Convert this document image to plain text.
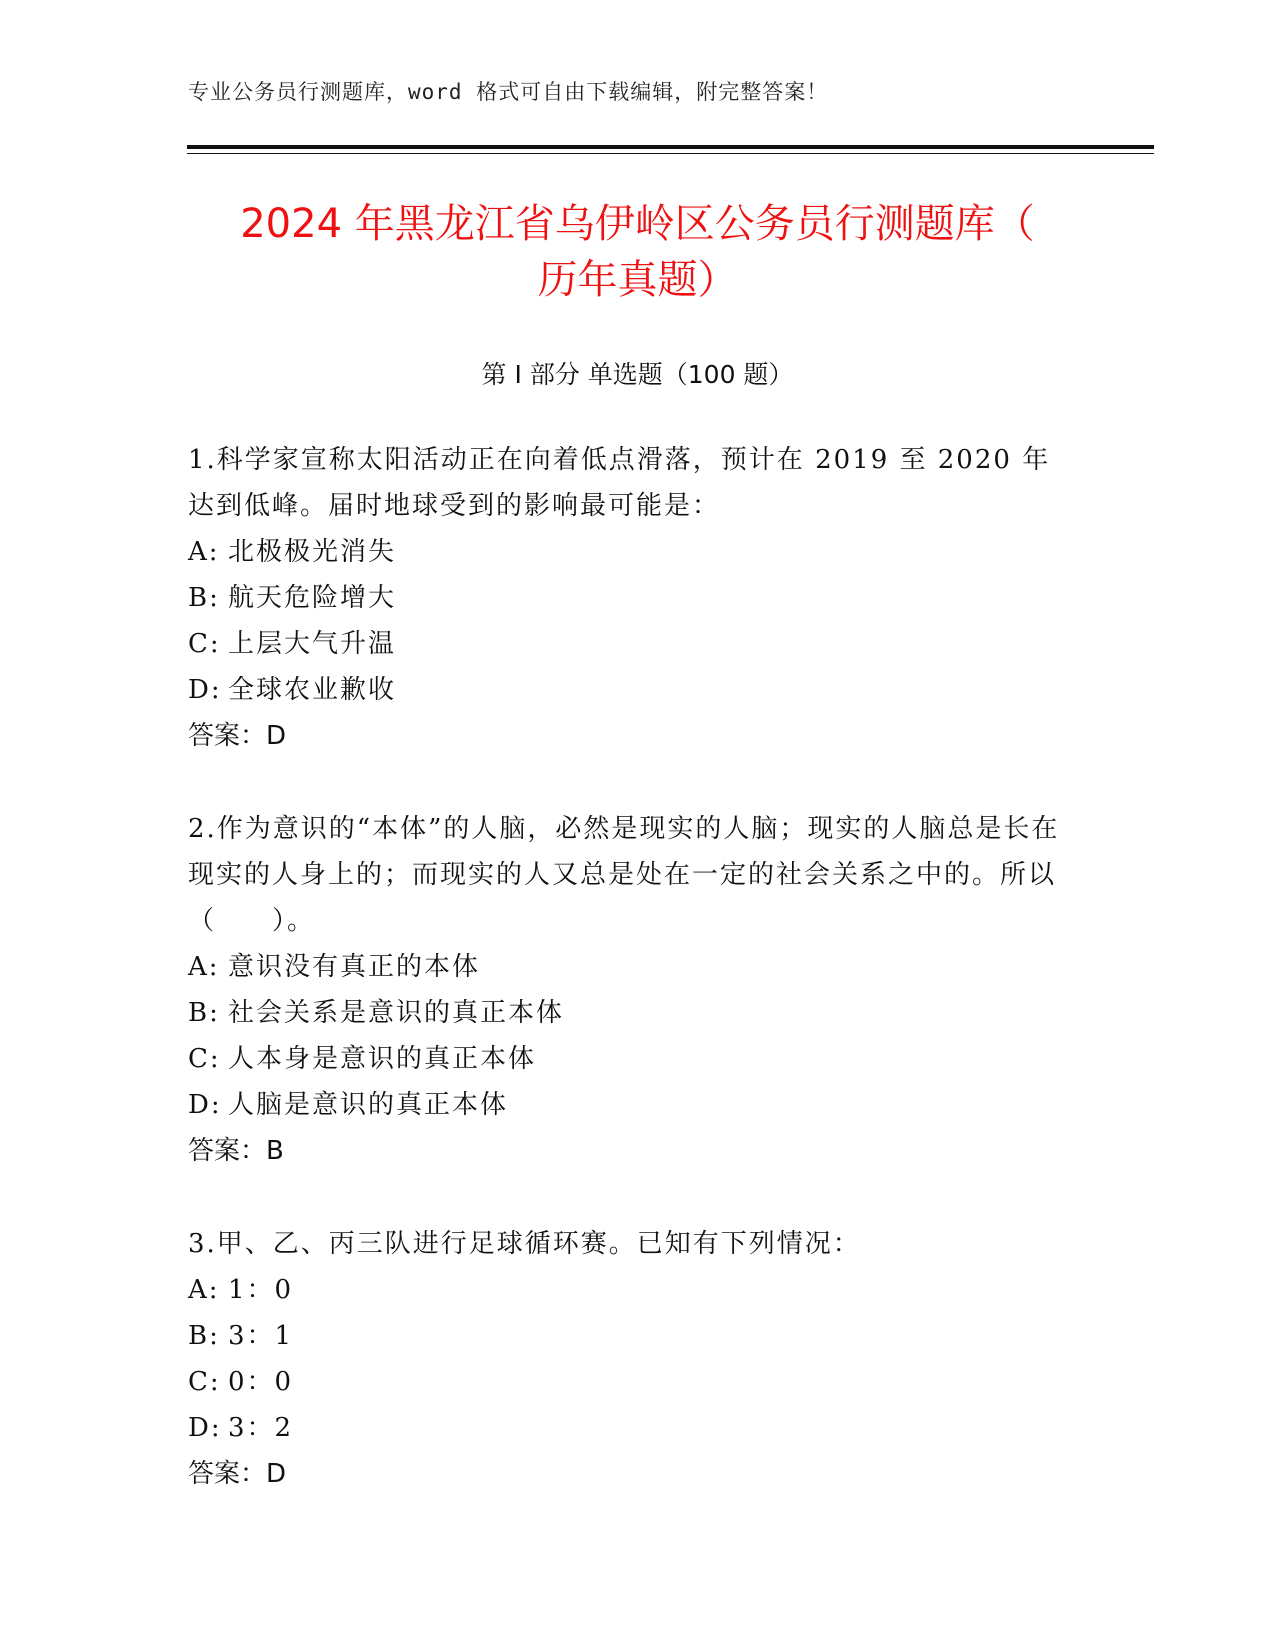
专业公务员行测题库，word 格式可自由下载编辑，附完整答案！
2024 年黑龙江省乌伊岭区公务员行测题库（
历年真题）
第 I 部分 单选题（100 题）
1.科学家宣称太阳活动正在向着低点滑落，预计在 2019 至 2020 年达到低峰。届时地球受到的影响最可能是：
A: 北极极光消失
B: 航天危险增大
C: 上层大气升温
D: 全球农业歉收
答案：D
2.作为意识的“本体”的人脑，必然是现实的人脑；现实的人脑总是长在现实的人身上的；而现实的人又总是处在一定的社会关系之中的。所以（　　）。
A: 意识没有真正的本体
B: 社会关系是意识的真正本体
C: 人本身是意识的真正本体
D: 人脑是意识的真正本体
答案：B
3.甲、乙、丙三队进行足球循环赛。已知有下列情况：
A: 1：0
B: 3：1
C: 0：0
D: 3：2
答案：D
